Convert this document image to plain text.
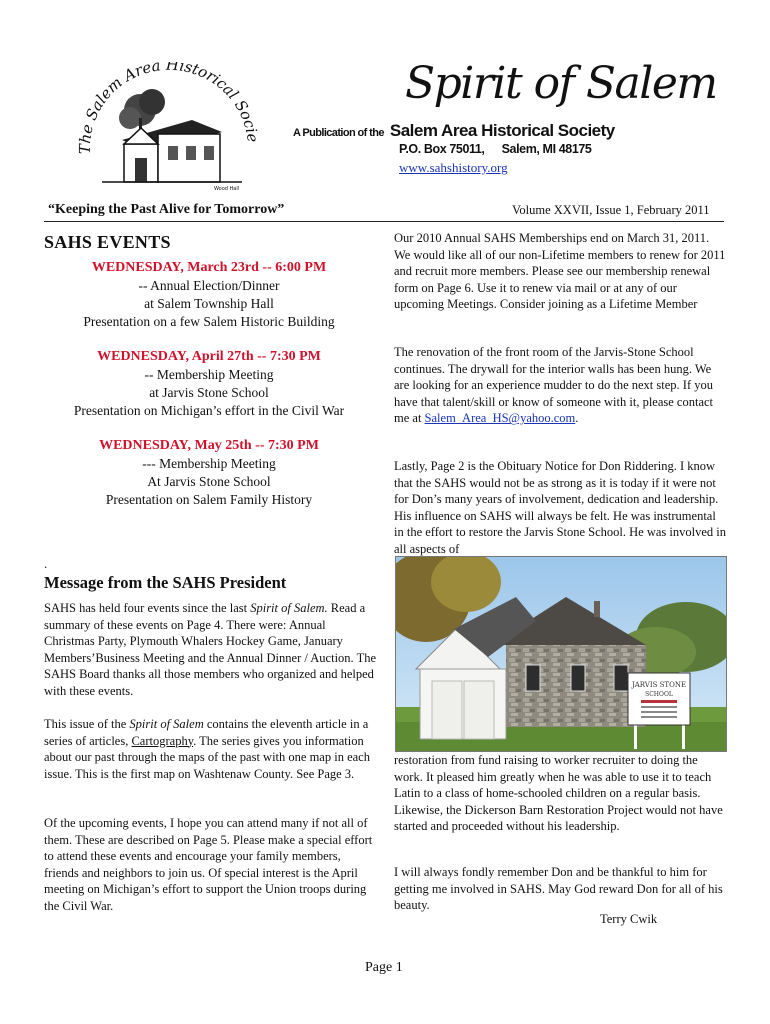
The Salem Area Historical Socie
Wood Hall
Spirit of Salem
A Publication of the Salem Area Historical Society
P.O. Box 75011, Salem, MI 48175
www.sahshistory.org
“Keeping the Past Alive for Tomorrow”	Volume XXVII, Issue 1, February 2011
SAHS EVENTS
WEDNESDAY, March 23rd -- 6:00 PM
-- Annual Election/Dinner
at Salem Township Hall
Presentation on a few Salem Historic Building
WEDNESDAY, April 27th -- 7:30 PM
-- Membership Meeting
at Jarvis Stone School
Presentation on Michigan’s effort in the Civil War
WEDNESDAY, May 25th -- 7:30 PM
--- Membership Meeting
At Jarvis Stone School
Presentation on Salem Family History
.
Message from the SAHS President
SAHS has held four events since the last Spirit of Salem. Read a summary of these events on Page 4. There were: Annual Christmas Party, Plymouth Whalers Hockey Game, January Members’Business Meeting and the Annual Dinner / Auction. The SAHS Board thanks all those members who organized and helped with these events.
This issue of the Spirit of Salem contains the eleventh article in a series of articles, Cartography. The series gives you information about our past through the maps of the past with one map in each issue. This is the first map on Washtenaw County. See Page 3.
Of the upcoming events, I hope you can attend many if not all of them. These are described on Page 5. Please make a special effort to attend these events and encourage your family members, friends and neighbors to join us. Of special interest is the April meeting on Michigan’s effort to support the Union troops during the Civil War.
Our 2010 Annual SAHS Memberships end on March 31, 2011. We would like all of our non-Lifetime members to renew for 2011 and recruit more members. Please see our membership renewal form on Page 6. Use it to renew via mail or at any of our upcoming Meetings. Consider joining as a Lifetime Member
The renovation of the front room of the Jarvis-Stone School continues. The drywall for the interior walls has been hung. We are looking for an experience mudder to do the next step. If you have that talent/skill or know of someone with it, please contact me at Salem_Area_HS@yahoo.com.
Lastly, Page 2 is the Obituary Notice for Don Riddering. I know that the SAHS would not be as strong as it is today if it were not for Don’s many years of involvement, dedication and leadership. His influence on SAHS will always be felt. He was instrumental in the effort to restore the Jarvis Stone School. He was involved in all aspects of
JARVIS STONE
SCHOOL
restoration from fund raising to worker recruiter to doing the work. It pleased him greatly when he was able to use it to teach Latin to a class of home-schooled children on a regular basis. Likewise, the Dickerson Barn Restoration Project would not have started and proceeded without his leadership.
I will always fondly remember Don and be thankful to him for getting me involved in SAHS. May God reward Don for all of his beauty.
Terry Cwik
Page 1
